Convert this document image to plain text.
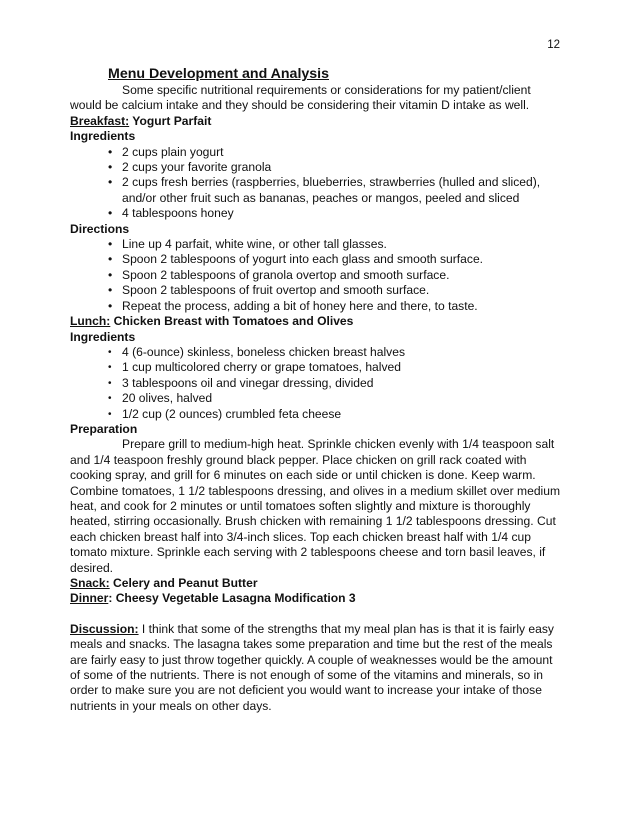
12
Menu Development and Analysis

Some specific nutritional requirements or considerations for my patient/client would be calcium intake and they should be considering their vitamin D intake as well.

Breakfast: Yogurt Parfait

Ingredients

• 2 cups plain yogurt
• 2 cups your favorite granola
• 2 cups fresh berries (raspberries, blueberries, strawberries (hulled and sliced), and/or other fruit such as bananas, peaches or mangos, peeled and sliced
• 4 tablespoons honey

Directions

• Line up 4 parfait, white wine, or other tall glasses.
• Spoon 2 tablespoons of yogurt into each glass and smooth surface.
• Spoon 2 tablespoons of granola overtop and smooth surface.
• Spoon 2 tablespoons of fruit overtop and smooth surface.
• Repeat the process, adding a bit of honey here and there, to taste.

Lunch: Chicken Breast with Tomatoes and Olives

Ingredients

• 4 (6-ounce) skinless, boneless chicken breast halves
• 1 cup multicolored cherry or grape tomatoes, halved
• 3 tablespoons oil and vinegar dressing, divided
• 20 olives, halved
• 1/2 cup (2 ounces) crumbled feta cheese

Preparation

Prepare grill to medium-high heat. Sprinkle chicken evenly with 1/4 teaspoon salt and 1/4 teaspoon freshly ground black pepper. Place chicken on grill rack coated with cooking spray, and grill for 6 minutes on each side or until chicken is done. Keep warm. Combine tomatoes, 1 1/2 tablespoons dressing, and olives in a medium skillet over medium heat, and cook for 2 minutes or until tomatoes soften slightly and mixture is thoroughly heated, stirring occasionally. Brush chicken with remaining 1 1/2 tablespoons dressing. Cut each chicken breast half into 3/4-inch slices. Top each chicken breast half with 1/4 cup tomato mixture. Sprinkle each serving with 2 tablespoons cheese and torn basil leaves, if desired.

Snack: Celery and Peanut Butter

Dinner: Cheesy Vegetable Lasagna Modification 3

Discussion: I think that some of the strengths that my meal plan has is that it is fairly easy meals and snacks. The lasagna takes some preparation and time but the rest of the meals are fairly easy to just throw together quickly. A couple of weaknesses would be the amount of some of the nutrients. There is not enough of some of the vitamins and minerals, so in order to make sure you are not deficient you would want to increase your intake of those nutrients in your meals on other days.
